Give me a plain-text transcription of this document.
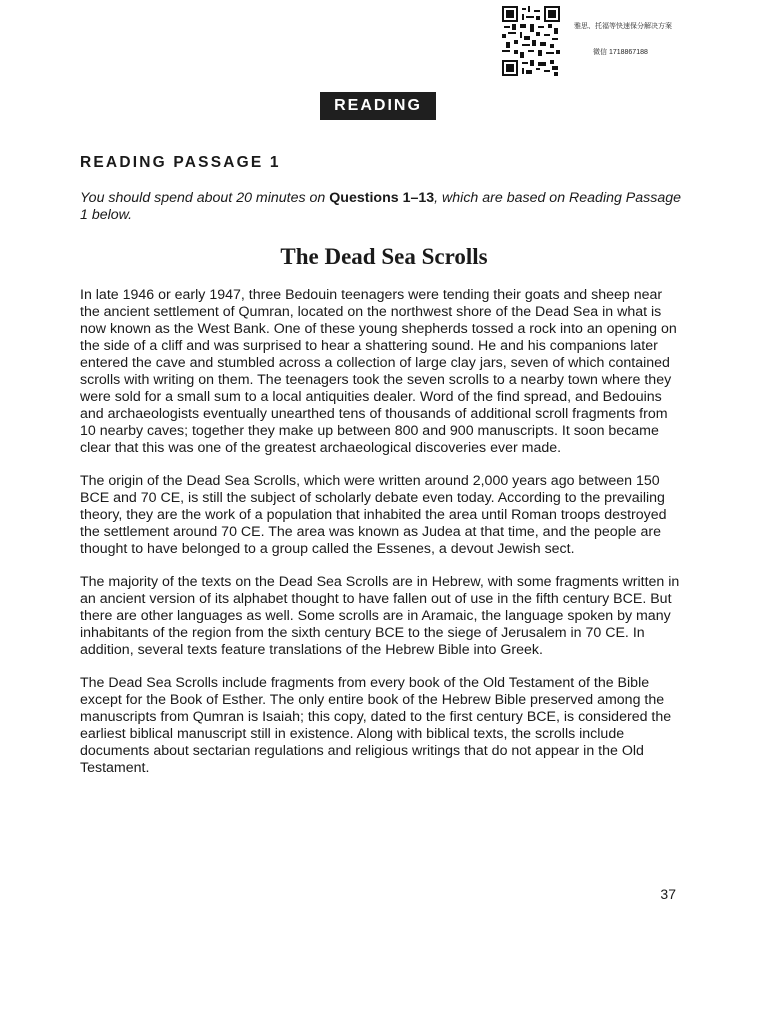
雅思、托福等快速保分解决方案
微信 1718867188
READING
READING PASSAGE 1
You should spend about 20 minutes on Questions 1–13, which are based on Reading Passage 1 below.
The Dead Sea Scrolls

In late 1946 or early 1947, three Bedouin teenagers were tending their goats and sheep near the ancient settlement of Qumran, located on the northwest shore of the Dead Sea in what is now known as the West Bank. One of these young shepherds tossed a rock into an opening on the side of a cliff and was surprised to hear a shattering sound. He and his companions later entered the cave and stumbled across a collection of large clay jars, seven of which contained scrolls with writing on them. The teenagers took the seven scrolls to a nearby town where they were sold for a small sum to a local antiquities dealer. Word of the find spread, and Bedouins and archaeologists eventually unearthed tens of thousands of additional scroll fragments from 10 nearby caves; together they make up between 800 and 900 manuscripts. It soon became clear that this was one of the greatest archaeological discoveries ever made.

The origin of the Dead Sea Scrolls, which were written around 2,000 years ago between 150 BCE and 70 CE, is still the subject of scholarly debate even today. According to the prevailing theory, they are the work of a population that inhabited the area until Roman troops destroyed the settlement around 70 CE. The area was known as Judea at that time, and the people are thought to have belonged to a group called the Essenes, a devout Jewish sect.

The majority of the texts on the Dead Sea Scrolls are in Hebrew, with some fragments written in an ancient version of its alphabet thought to have fallen out of use in the fifth century BCE. But there are other languages as well. Some scrolls are in Aramaic, the language spoken by many inhabitants of the region from the sixth century BCE to the siege of Jerusalem in 70 CE. In addition, several texts feature translations of the Hebrew Bible into Greek.

The Dead Sea Scrolls include fragments from every book of the Old Testament of the Bible except for the Book of Esther. The only entire book of the Hebrew Bible preserved among the manuscripts from Qumran is Isaiah; this copy, dated to the first century BCE, is considered the earliest biblical manuscript still in existence. Along with biblical texts, the scrolls include documents about sectarian regulations and religious writings that do not appear in the Old Testament.

37
